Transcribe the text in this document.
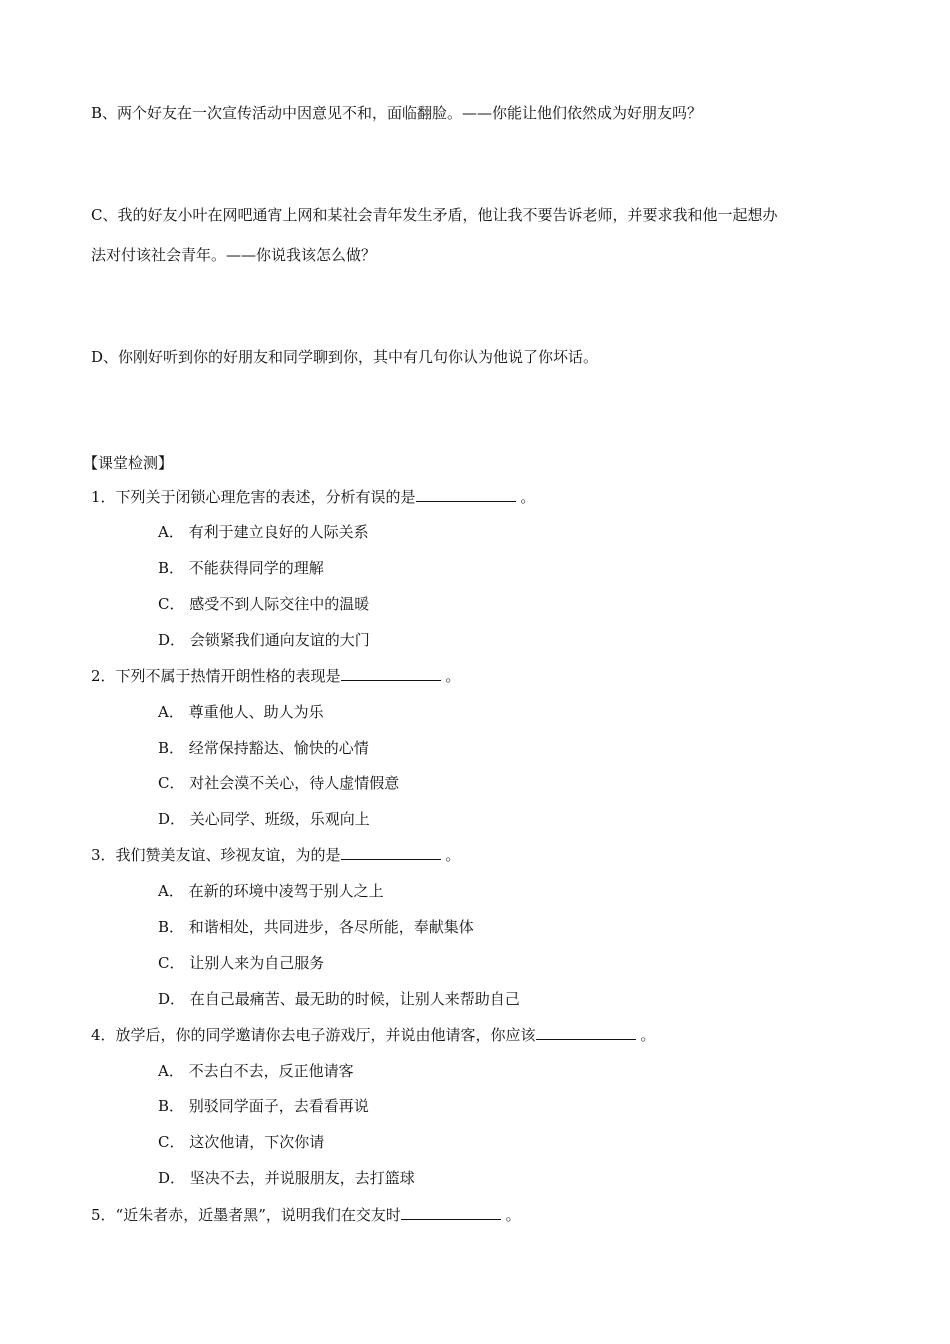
B、两个好友在一次宣传活动中因意见不和，面临翻脸。——你能让他们依然成为好朋友吗？
C、我的好友小叶在网吧通宵上网和某社会青年发生矛盾，他让我不要告诉老师，并要求我和他一起想办
法对付该社会青年。——你说我该怎么做？
D、你刚好听到你的好朋友和同学聊到你，其中有几句你认为他说了你坏话。
【课堂检测】
1．下列关于闭锁心理危害的表述，分析有误的是	。
A． 有利于建立良好的人际关系
B． 不能获得同学的理解
C． 感受不到人际交往中的温暖
D． 会锁紧我们通向友谊的大门
2．下列不属于热情开朗性格的表现是	。
A． 尊重他人、助人为乐
B． 经常保持豁达、愉快的心情
C． 对社会漠不关心，待人虚情假意
D． 关心同学、班级，乐观向上
3．我们赞美友谊、珍视友谊，为的是	。
A． 在新的环境中凌驾于别人之上
B． 和谐相处，共同进步，各尽所能，奉献集体
C． 让别人来为自己服务
D． 在自己最痛苦、最无助的时候，让别人来帮助自己
4．放学后，你的同学邀请你去电子游戏厅，并说由他请客，你应该	。
A． 不去白不去，反正他请客
B． 别驳同学面子，去看看再说
C． 这次他请，下次你请
D． 坚决不去，并说服朋友，去打篮球
5．“近朱者赤，近墨者黑”，说明我们在交友时	。
